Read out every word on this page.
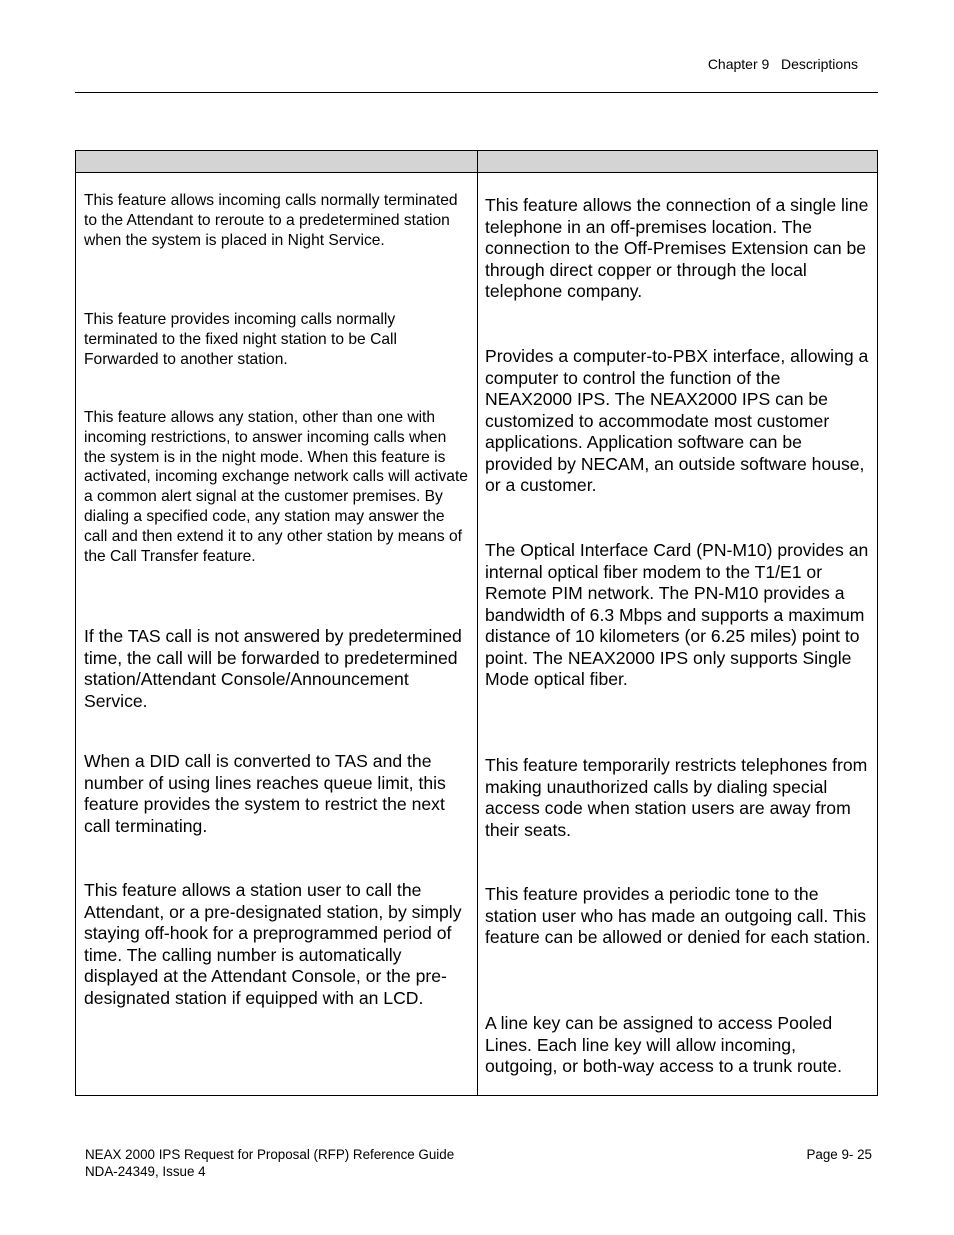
Chapter 9   Descriptions

This feature allows incoming calls normally terminated to the Attendant to reroute to a predetermined station when the system is placed in Night Service.

This feature provides incoming calls normally terminated to the fixed night station to be Call Forwarded to another station.

This feature allows any station, other than one with incoming restrictions, to answer incoming calls when the system is in the night mode. When this feature is activated, incoming exchange network calls will activate a common alert signal at the customer premises. By dialing a specified code, any station may answer the call and then extend it to any other station by means of the Call Transfer feature.

If the TAS call is not answered by predetermined time, the call will be forwarded to predetermined station/Attendant Console/Announcement Service.

When a DID call is converted to TAS and the number of using lines reaches queue limit, this feature provides the system to restrict the next call terminating.

This feature allows a station user to call the Attendant, or a pre-designated station, by simply staying off-hook for a preprogrammed period of time. The calling number is automatically displayed at the Attendant Console, or the pre-designated station if equipped with an LCD.

This feature allows the connection of a single line telephone in an off-premises location. The connection to the Off-Premises Extension can be through direct copper or through the local telephone company.

Provides a computer-to-PBX interface, allowing a computer to control the function of the NEAX2000 IPS. The NEAX2000 IPS can be customized to accommodate most customer applications. Application software can be provided by NECAM, an outside software house, or a customer.

The Optical Interface Card (PN-M10) provides an internal optical fiber modem to the T1/E1 or Remote PIM network. The PN-M10 provides a bandwidth of 6.3 Mbps and supports a maximum distance of 10 kilometers (or 6.25 miles) point to point. The NEAX2000 IPS only supports Single Mode optical fiber.

This feature temporarily restricts telephones from making unauthorized calls by dialing special access code when station users are away from their seats.

This feature provides a periodic tone to the station user who has made an outgoing call. This feature can be allowed or denied for each station.

A line key can be assigned to access Pooled Lines. Each line key will allow incoming, outgoing, or both-way access to a trunk route.

NEAX 2000 IPS Request for Proposal (RFP) Reference Guide
NDA-24349, Issue 4
Page 9- 25
